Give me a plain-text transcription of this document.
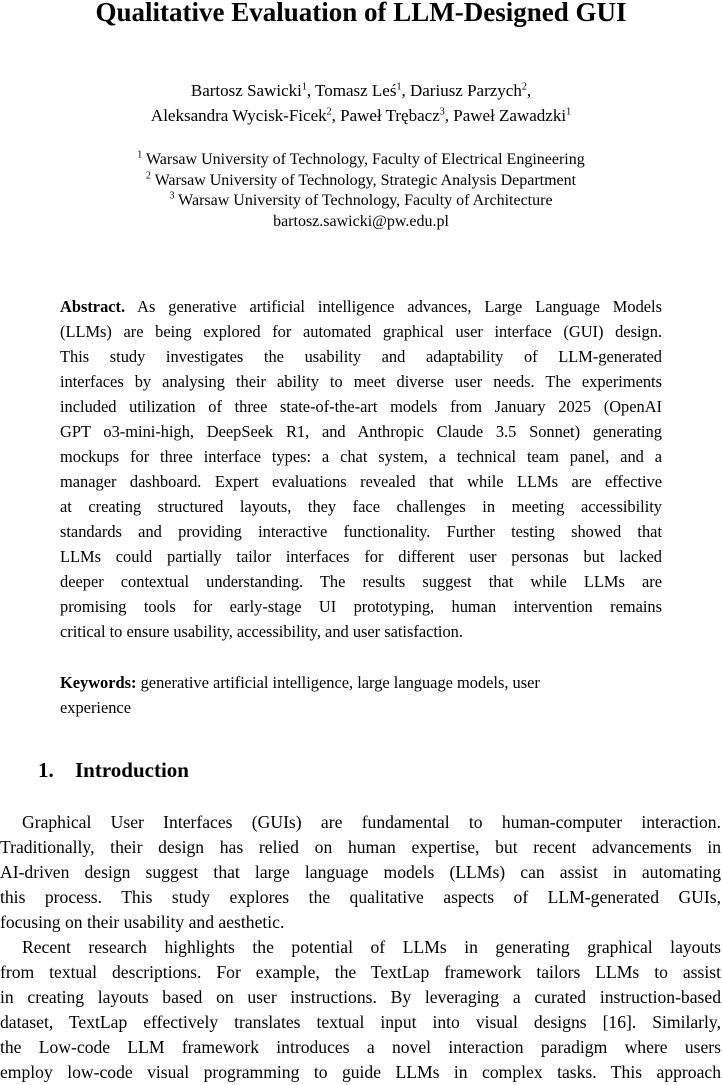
Qualitative Evaluation of LLM-Designed GUI
Bartosz Sawicki$^1$, Tomasz Leś$^1$, Dariusz Parzych$^2$,
Aleksandra Wycisk-Ficek$^2$, Paweł Trębacz$^3$, Paweł Zawadzki$^1$
$^1$ Warsaw University of Technology, Faculty of Electrical Engineering
$^2$ Warsaw University of Technology, Strategic Analysis Department
$^3$ Warsaw University of Technology, Faculty of Architecture
bartosz.sawicki@pw.edu.pl
Abstract. As generative artificial intelligence advances, Large Language Models
(LLMs) are being explored for automated graphical user interface (GUI) design.
This study investigates the usability and adaptability of LLM-generated
interfaces by analysing their ability to meet diverse user needs. The experiments
included utilization of three state-of-the-art models from January 2025 (OpenAI
GPT o3-mini-high, DeepSeek R1, and Anthropic Claude 3.5 Sonnet) generating
mockups for three interface types: a chat system, a technical team panel, and a
manager dashboard. Expert evaluations revealed that while LLMs are effective
at creating structured layouts, they face challenges in meeting accessibility
standards and providing interactive functionality. Further testing showed that
LLMs could partially tailor interfaces for different user personas but lacked
deeper contextual understanding. The results suggest that while LLMs are
promising tools for early-stage UI prototyping, human intervention remains
critical to ensure usability, accessibility, and user satisfaction.
Keywords: generative artificial intelligence, large language models, user
experience
1. Introduction
Graphical User Interfaces (GUIs) are fundamental to human-computer interaction.
Traditionally, their design has relied on human expertise, but recent advancements in
AI-driven design suggest that large language models (LLMs) can assist in automating
this process. This study explores the qualitative aspects of LLM-generated GUIs,
focusing on their usability and aesthetic.
Recent research highlights the potential of LLMs in generating graphical layouts
from textual descriptions. For example, the TextLap framework tailors LLMs to assist
in creating layouts based on user instructions. By leveraging a curated instruction-based
dataset, TextLap effectively translates textual input into visual designs [16]. Similarly,
the Low-code LLM framework introduces a novel interaction paradigm where users
employ low-code visual programming to guide LLMs in complex tasks. This approach
